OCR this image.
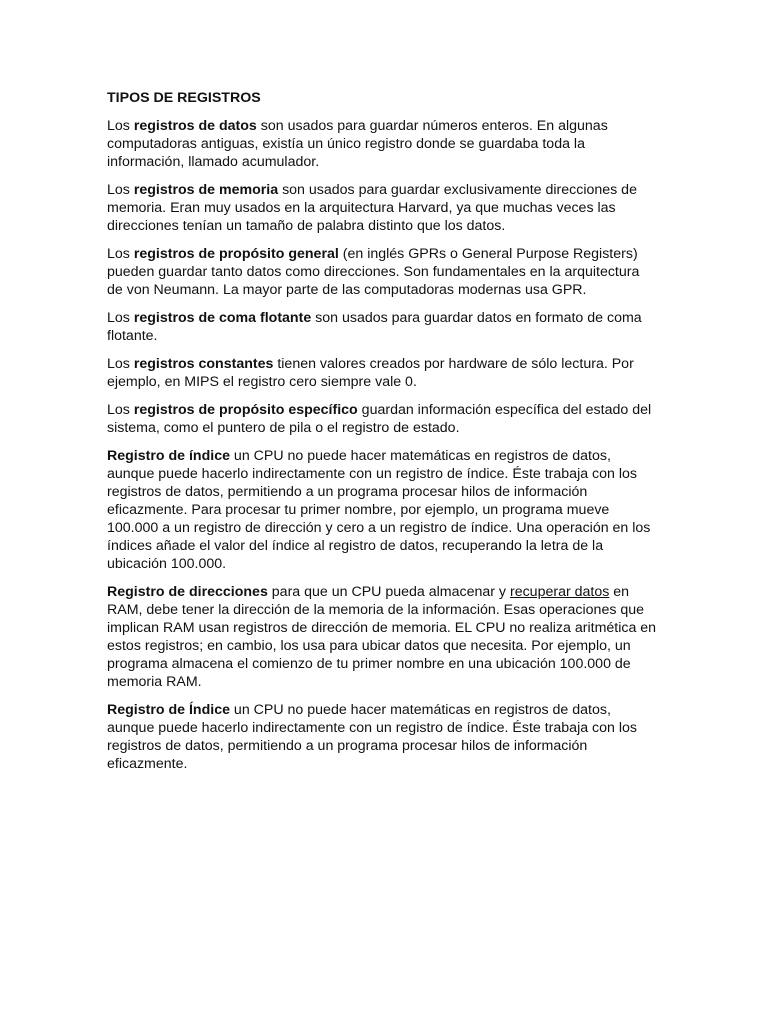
TIPOS DE REGISTROS

Los registros de datos son usados para guardar números enteros. En algunas computadoras antiguas, existía un único registro donde se guardaba toda la información, llamado acumulador.

Los registros de memoria son usados para guardar exclusivamente direcciones de memoria. Eran muy usados en la arquitectura Harvard, ya que muchas veces las direcciones tenían un tamaño de palabra distinto que los datos.

Los registros de propósito general (en inglés GPRs o General Purpose Registers) pueden guardar tanto datos como direcciones. Son fundamentales en la arquitectura de von Neumann. La mayor parte de las computadoras modernas usa GPR.

Los registros de coma flotante son usados para guardar datos en formato de coma flotante.

Los registros constantes tienen valores creados por hardware de sólo lectura. Por ejemplo, en MIPS el registro cero siempre vale 0.

Los registros de propósito específico guardan información específica del estado del sistema, como el puntero de pila o el registro de estado.

Registro de índice un CPU no puede hacer matemáticas en registros de datos, aunque puede hacerlo indirectamente con un registro de índice. Éste trabaja con los registros de datos, permitiendo a un programa procesar hilos de información eficazmente. Para procesar tu primer nombre, por ejemplo, un programa mueve 100.000 a un registro de dirección y cero a un registro de índice. Una operación en los índices añade el valor del índice al registro de datos, recuperando la letra de la ubicación 100.000.

Registro de direcciones para que un CPU pueda almacenar y recuperar datos en RAM, debe tener la dirección de la memoria de la información. Esas operaciones que implican RAM usan registros de dirección de memoria. EL CPU no realiza aritmética en estos registros; en cambio, los usa para ubicar datos que necesita. Por ejemplo, un programa almacena el comienzo de tu primer nombre en una ubicación 100.000 de memoria RAM.

Registro de Índice un CPU no puede hacer matemáticas en registros de datos, aunque puede hacerlo indirectamente con un registro de índice. Éste trabaja con los registros de datos, permitiendo a un programa procesar hilos de información eficazmente.
